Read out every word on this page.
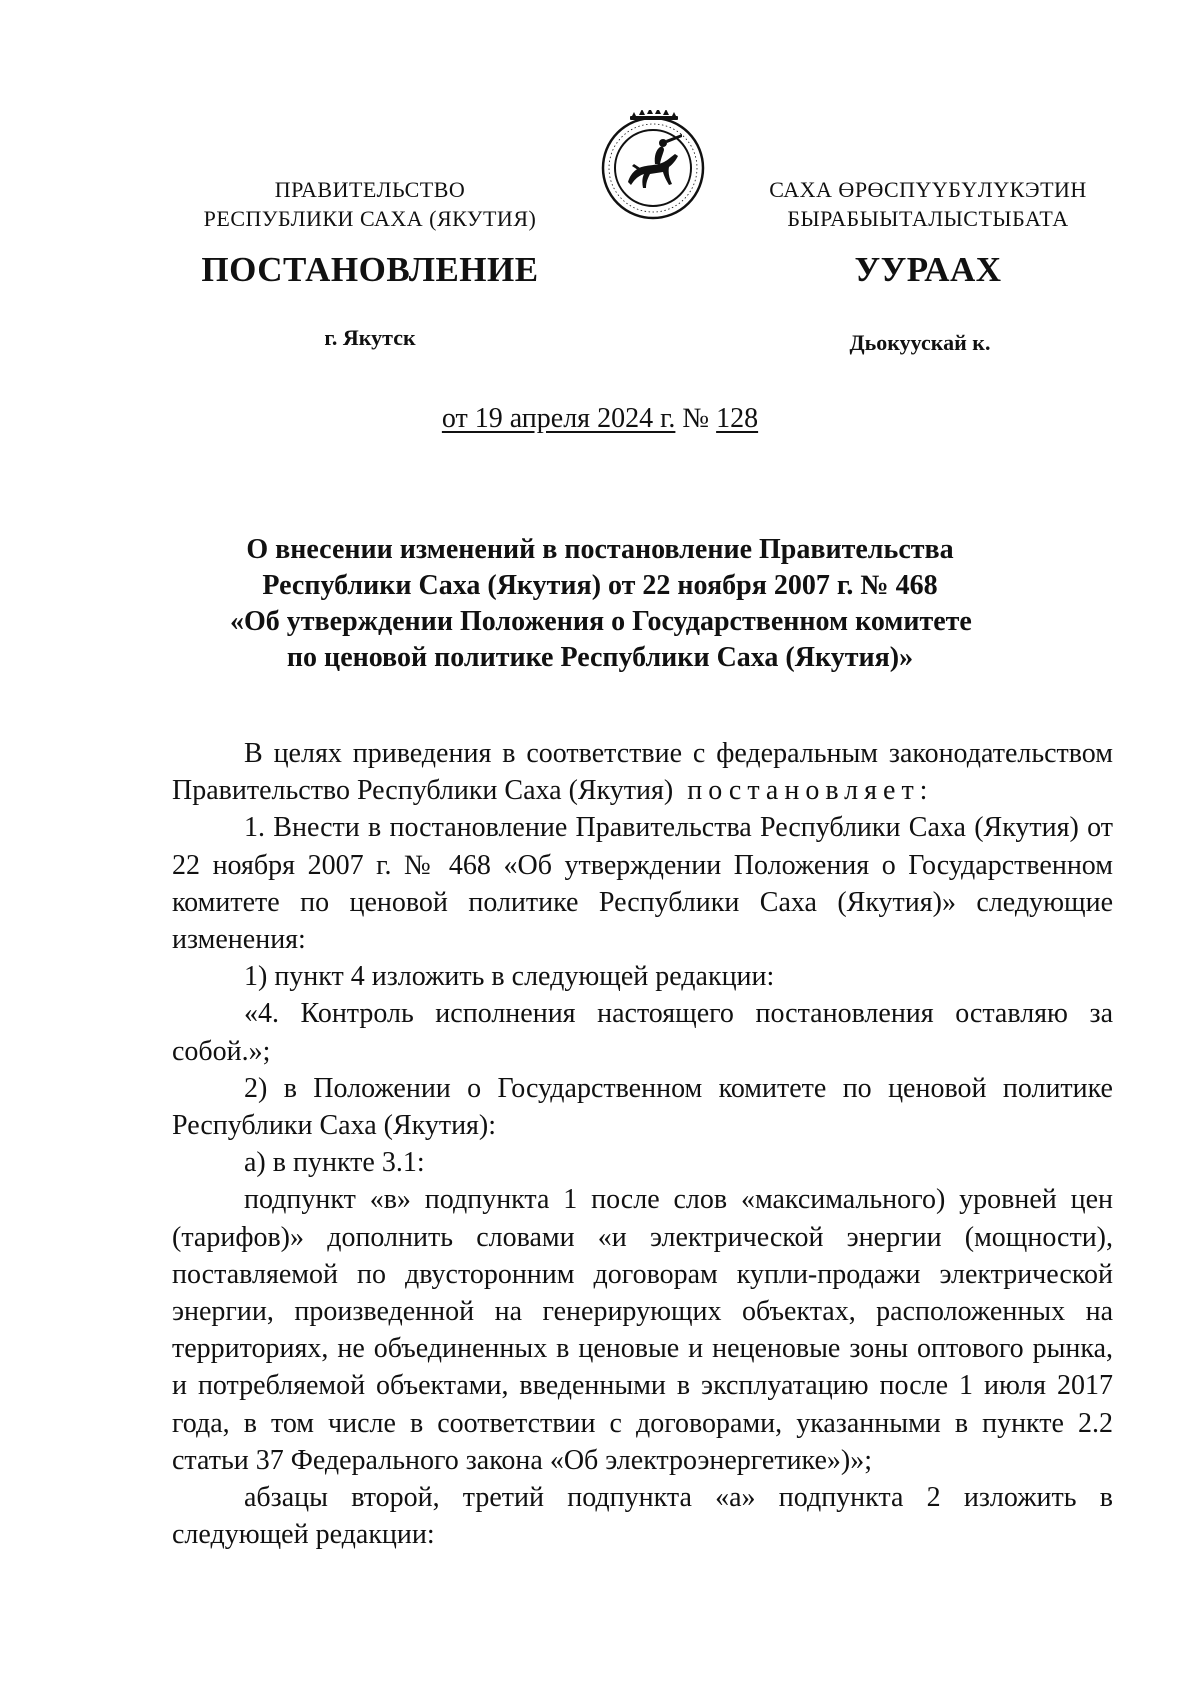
ПРАВИТЕЛЬСТВО
РЕСПУБЛИКИ САХА (ЯКУТИЯ)
САХА ӨРӨСПҮҮБҮЛҮКЭТИН
БЫРАБЫЫТАЛЫСТЫБАТА
ПОСТАНОВЛЕНИЕ	УУРААХ
г. Якутск	Дьокуускай к.
от 19 апреля 2024 г. № 128
О внесении изменений в постановление Правительства
Республики Саха (Якутия) от 22 ноября 2007 г. № 468
«Об утверждении Положения о Государственном комитете
по ценовой политике Республики Саха (Якутия)»

В целях приведения в соответствие с федеральным законодательством Правительство Республики Саха (Якутия) постановляет:

1. Внести в постановление Правительства Республики Саха (Якутия) от 22 ноября 2007 г. № 468 «Об утверждении Положения о Государственном комитете по ценовой политике Республики Саха (Якутия)» следующие изменения:

1) пункт 4 изложить в следующей редакции:

«4. Контроль исполнения настоящего постановления оставляю за собой.»;

2) в Положении о Государственном комитете по ценовой политике Республики Саха (Якутия):

а) в пункте 3.1:

подпункт «в» подпункта 1 после слов «максимального) уровней цен (тарифов)» дополнить словами «и электрической энергии (мощности), поставляемой по двусторонним договорам купли-продажи электрической энергии, произведенной на генерирующих объектах, расположенных на территориях, не объединенных в ценовые и неценовые зоны оптового рынка, и потребляемой объектами, введенными в эксплуатацию после 1 июля 2017 года, в том числе в соответствии с договорами, указанными в пункте 2.2 статьи 37 Федерального закона «Об электроэнергетике»)»;

абзацы второй, третий подпункта «а» подпункта 2 изложить в следующей редакции:
